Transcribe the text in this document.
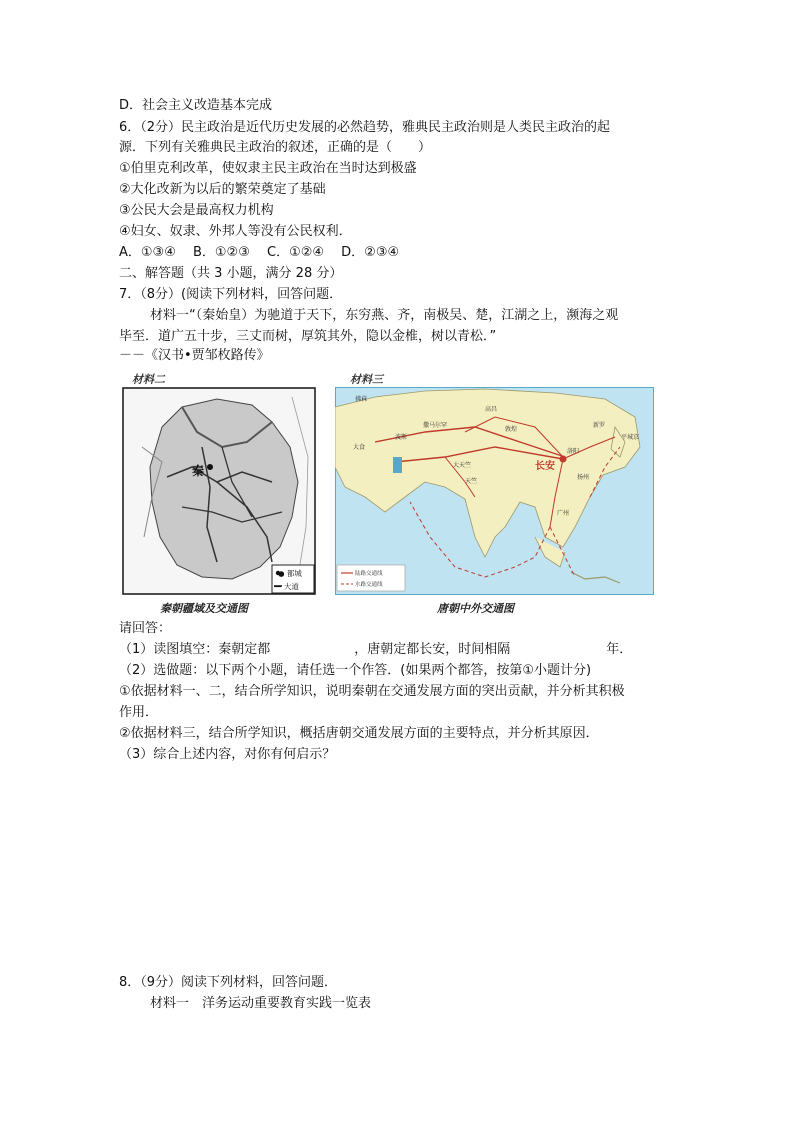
D．社会主义改造基本完成
6．（2分）民主政治是近代历史发展的必然趋势，雅典民主政治则是人类民主政治的起
源．下列有关雅典民主政治的叙述，正确的是（　　）
①伯里克利改革，使奴隶主民主政治在当时达到极盛
②大化改新为以后的繁荣奠定了基础
③公民大会是最高权力机构
④妇女、奴隶、外邦人等没有公民权利．
A．①③④　 B．①②③　 C．①②④　 D．②③④
二、解答题（共 3 小题，满分 28 分）
7．（8分）(阅读下列材料，回答问题．
材料一“（秦始皇）为驰道于天下，东穷燕、齐，南极吴、楚，江湖之上，濒海之观
毕至．道广五十步，三丈而树，厚筑其外，隐以金椎，树以青松．”
－－《汉书•贾邹枚路传》
材料二
秦
● 都城
— 大道
秦朝疆域及交通图
材料三
长安
拂菻
大食
波斯
撒马尔罕
大天竺
天竺
高昌
敦煌
洛阳
扬州
平城京
新罗
广州
陆路交通线
水路交通线
唐朝中外交通图
请回答：
（1）读图填空：秦朝定都	，唐朝定都长安，时间相隔	年．
（2）选做题：以下两个小题，请任选一个作答．(如果两个都答，按第①小题计分)
①依据材料一、二，结合所学知识，说明秦朝在交通发展方面的突出贡献，并分析其积极
作用．
②依据材料三，结合所学知识，概括唐朝交通发展方面的主要特点，并分析其原因．
（3）综合上述内容，对你有何启示？
8．（9分）阅读下列材料，回答问题．
材料一　洋务运动重要教育实践一览表
